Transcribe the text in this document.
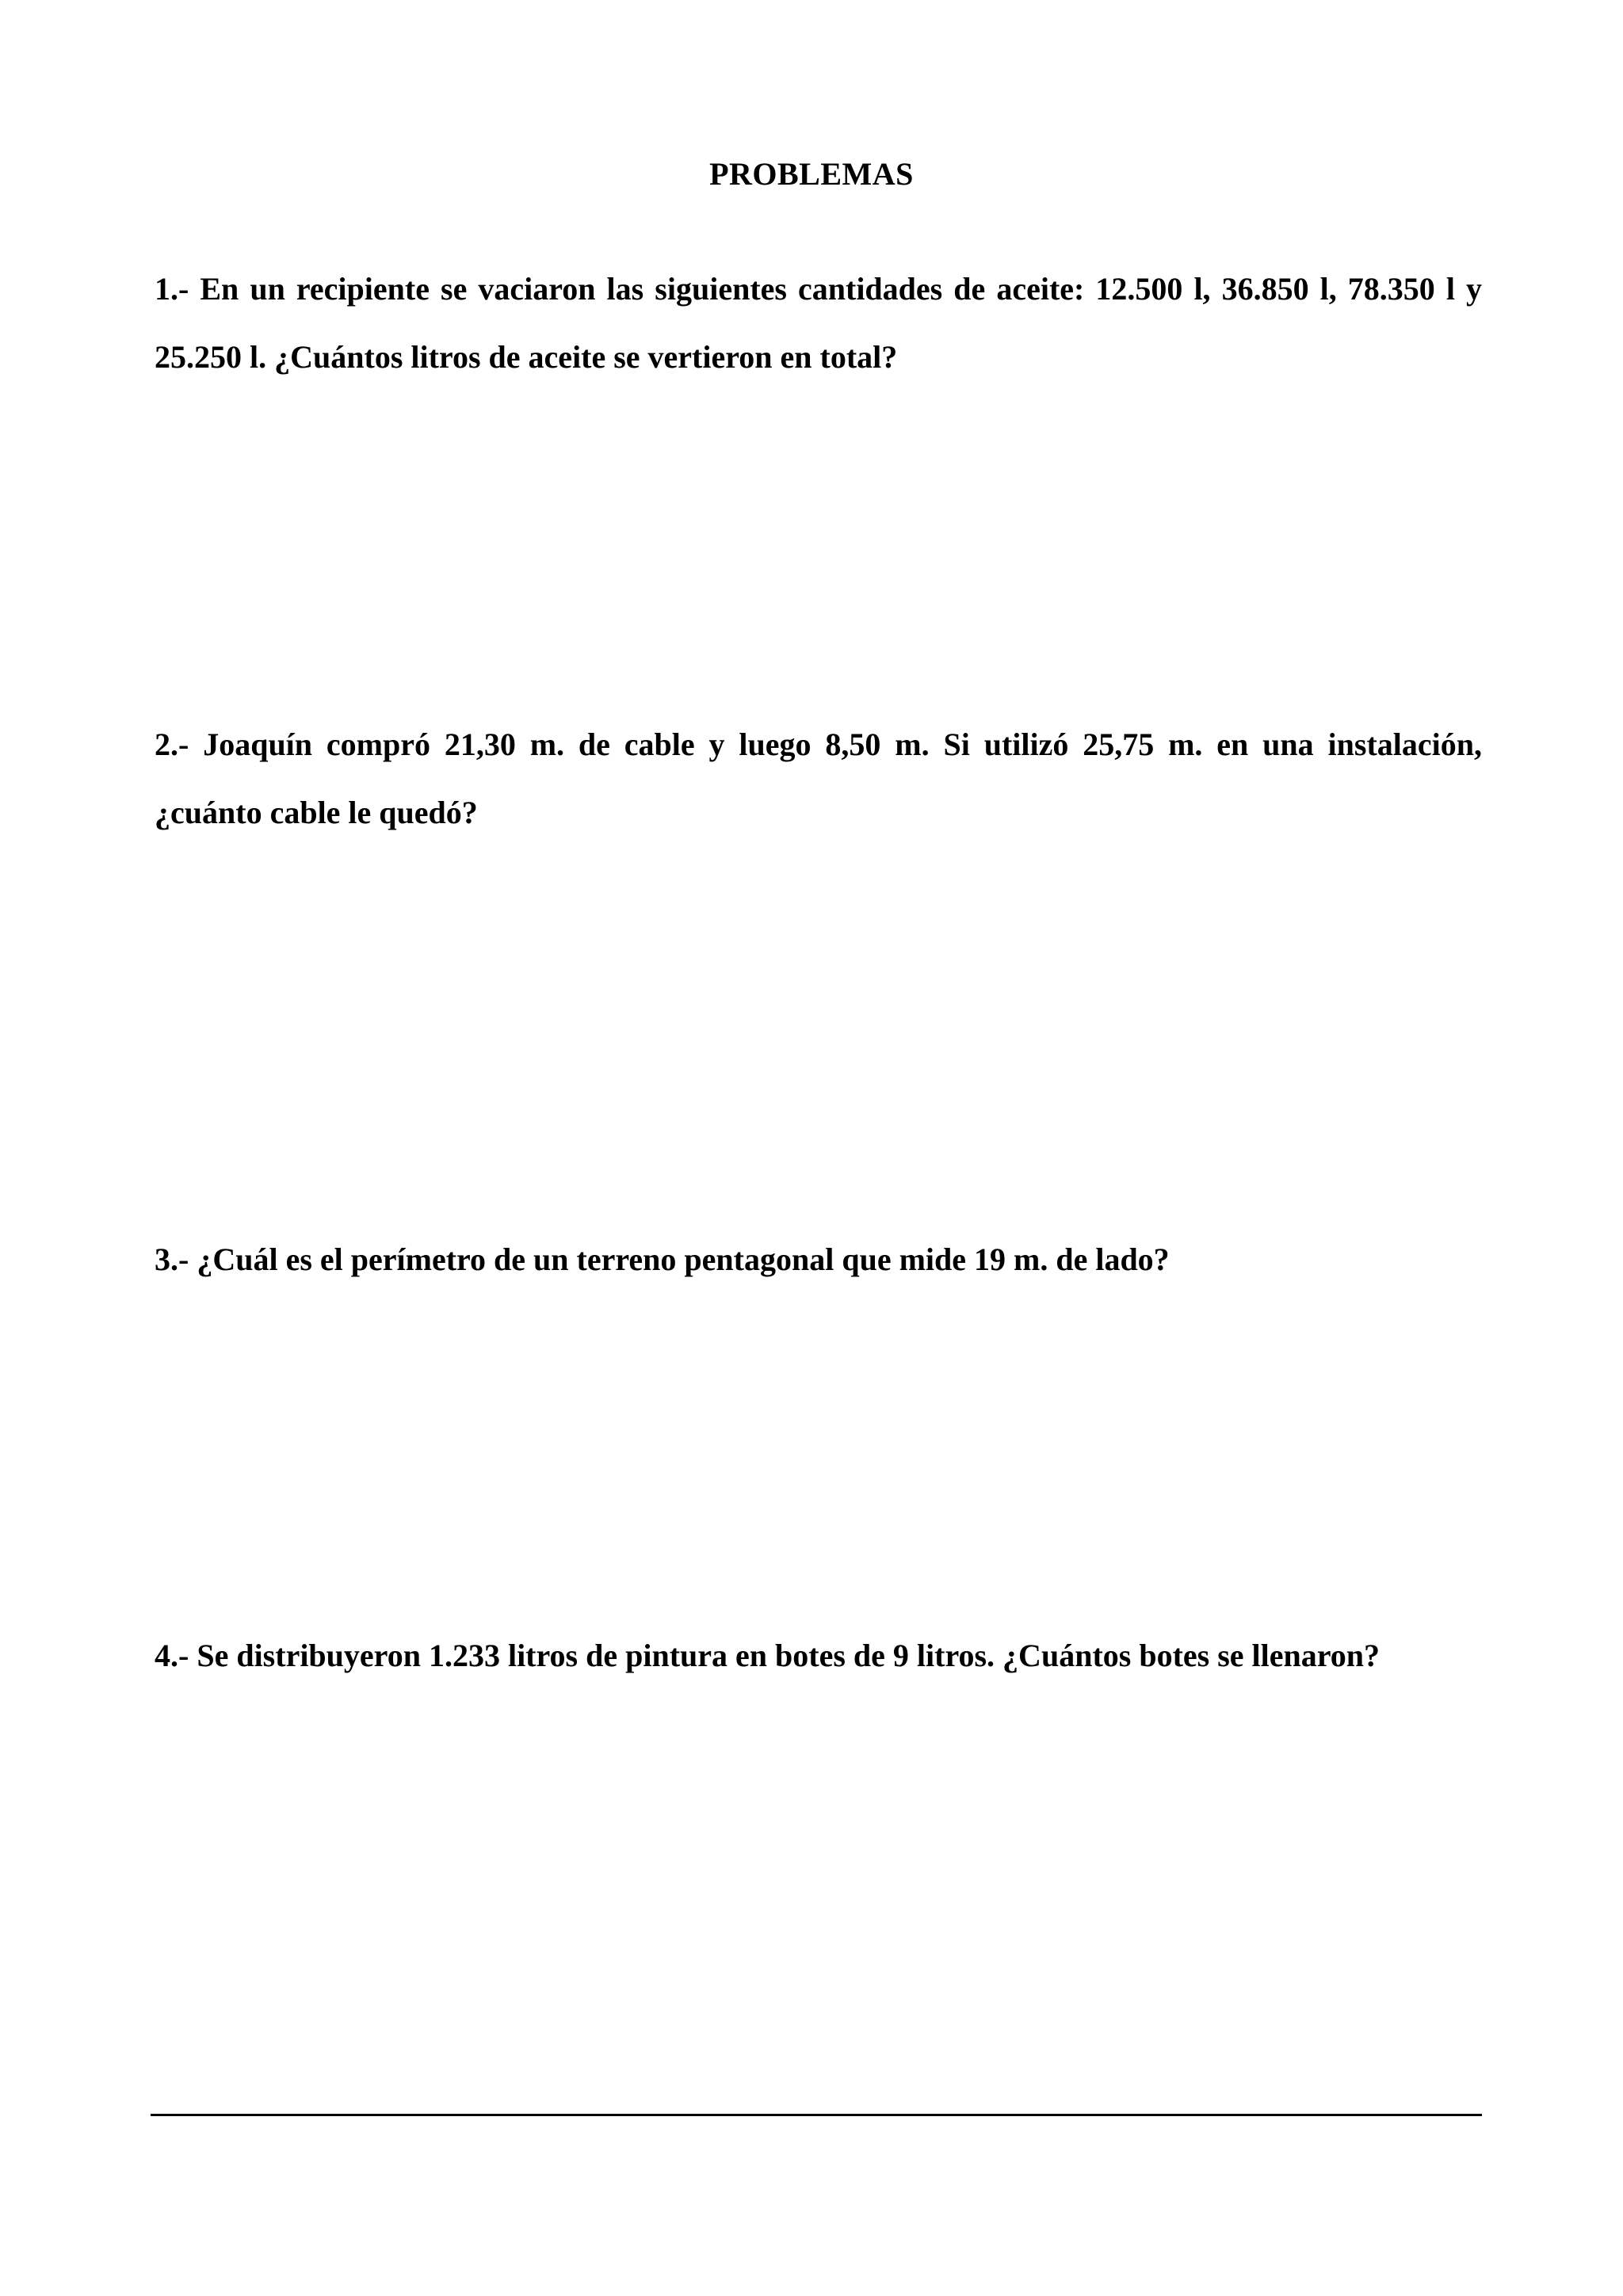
PROBLEMAS
1.- En un recipiente se vaciaron las siguientes cantidades de aceite: 12.500 l, 36.850 l, 78.350 l y 25.250 l. ¿Cuántos litros de aceite se vertieron en total?
2.- Joaquín compró 21,30 m. de cable y luego 8,50 m. Si utilizó 25,75 m. en una instalación, ¿cuánto cable le quedó?
3.- ¿Cuál es el perímetro de un terreno pentagonal que mide 19 m. de lado?
4.- Se distribuyeron 1.233 litros de pintura en botes de 9 litros. ¿Cuántos botes se llenaron?
